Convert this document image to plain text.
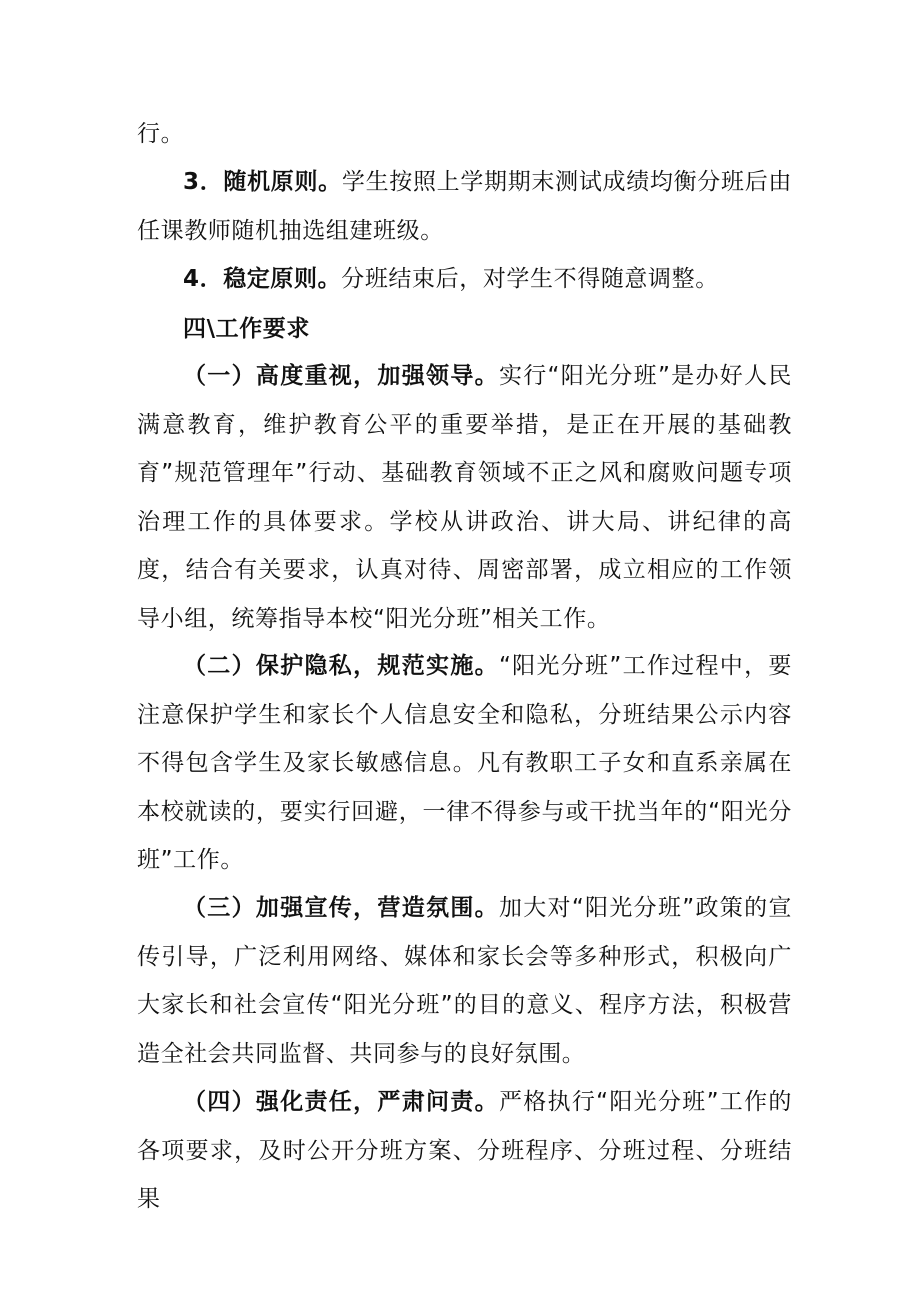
行。

3．随机原则。学生按照上学期期末测试成绩均衡分班后由任课教师随机抽选组建班级。

4．稳定原则。分班结束后，对学生不得随意调整。

四\工作要求

（一）高度重视，加强领导。实行“阳光分班”是办好人民满意教育，维护教育公平的重要举措，是正在开展的基础教育”规范管理年”行动、基础教育领域不正之风和腐败问题专项治理工作的具体要求。学校从讲政治、讲大局、讲纪律的高度，结合有关要求，认真对待、周密部署，成立相应的工作领导小组，统筹指导本校“阳光分班”相关工作。

（二）保护隐私，规范实施。“阳光分班”工作过程中，要注意保护学生和家长个人信息安全和隐私，分班结果公示内容不得包含学生及家长敏感信息。凡有教职工子女和直系亲属在本校就读的，要实行回避，一律不得参与或干扰当年的“阳光分班”工作。

（三）加强宣传，营造氛围。加大对“阳光分班”政策的宣传引导，广泛利用网络、媒体和家长会等多种形式，积极向广大家长和社会宣传“阳光分班”的目的意义、程序方法，积极营造全社会共同监督、共同参与的良好氛围。

（四）强化责任，严肃问责。严格执行“阳光分班”工作的各项要求，及时公开分班方案、分班程序、分班过程、分班结果
